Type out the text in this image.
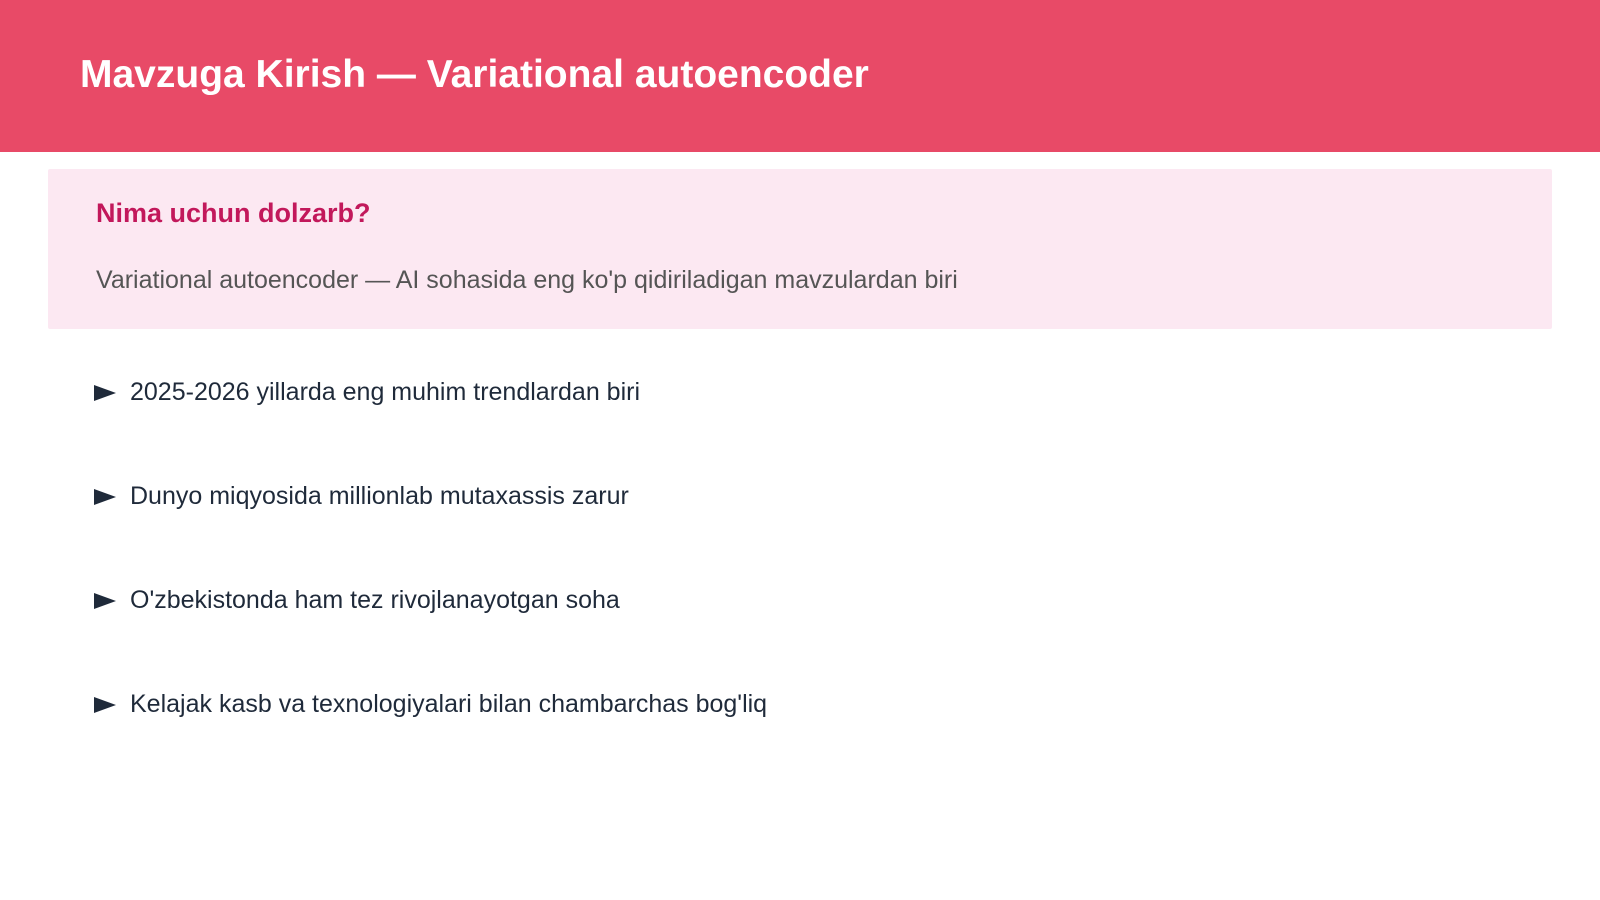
Mavzuga Kirish — Variational autoencoder
Nima uchun dolzarb?
Variational autoencoder — AI sohasida eng ko'p qidiriladigan mavzulardan biri
2025-2026 yillarda eng muhim trendlardan biri
Dunyo miqyosida millionlab mutaxassis zarur
O'zbekistonda ham tez rivojlanayotgan soha
Kelajak kasb va texnologiyalari bilan chambarchas bog'liq
